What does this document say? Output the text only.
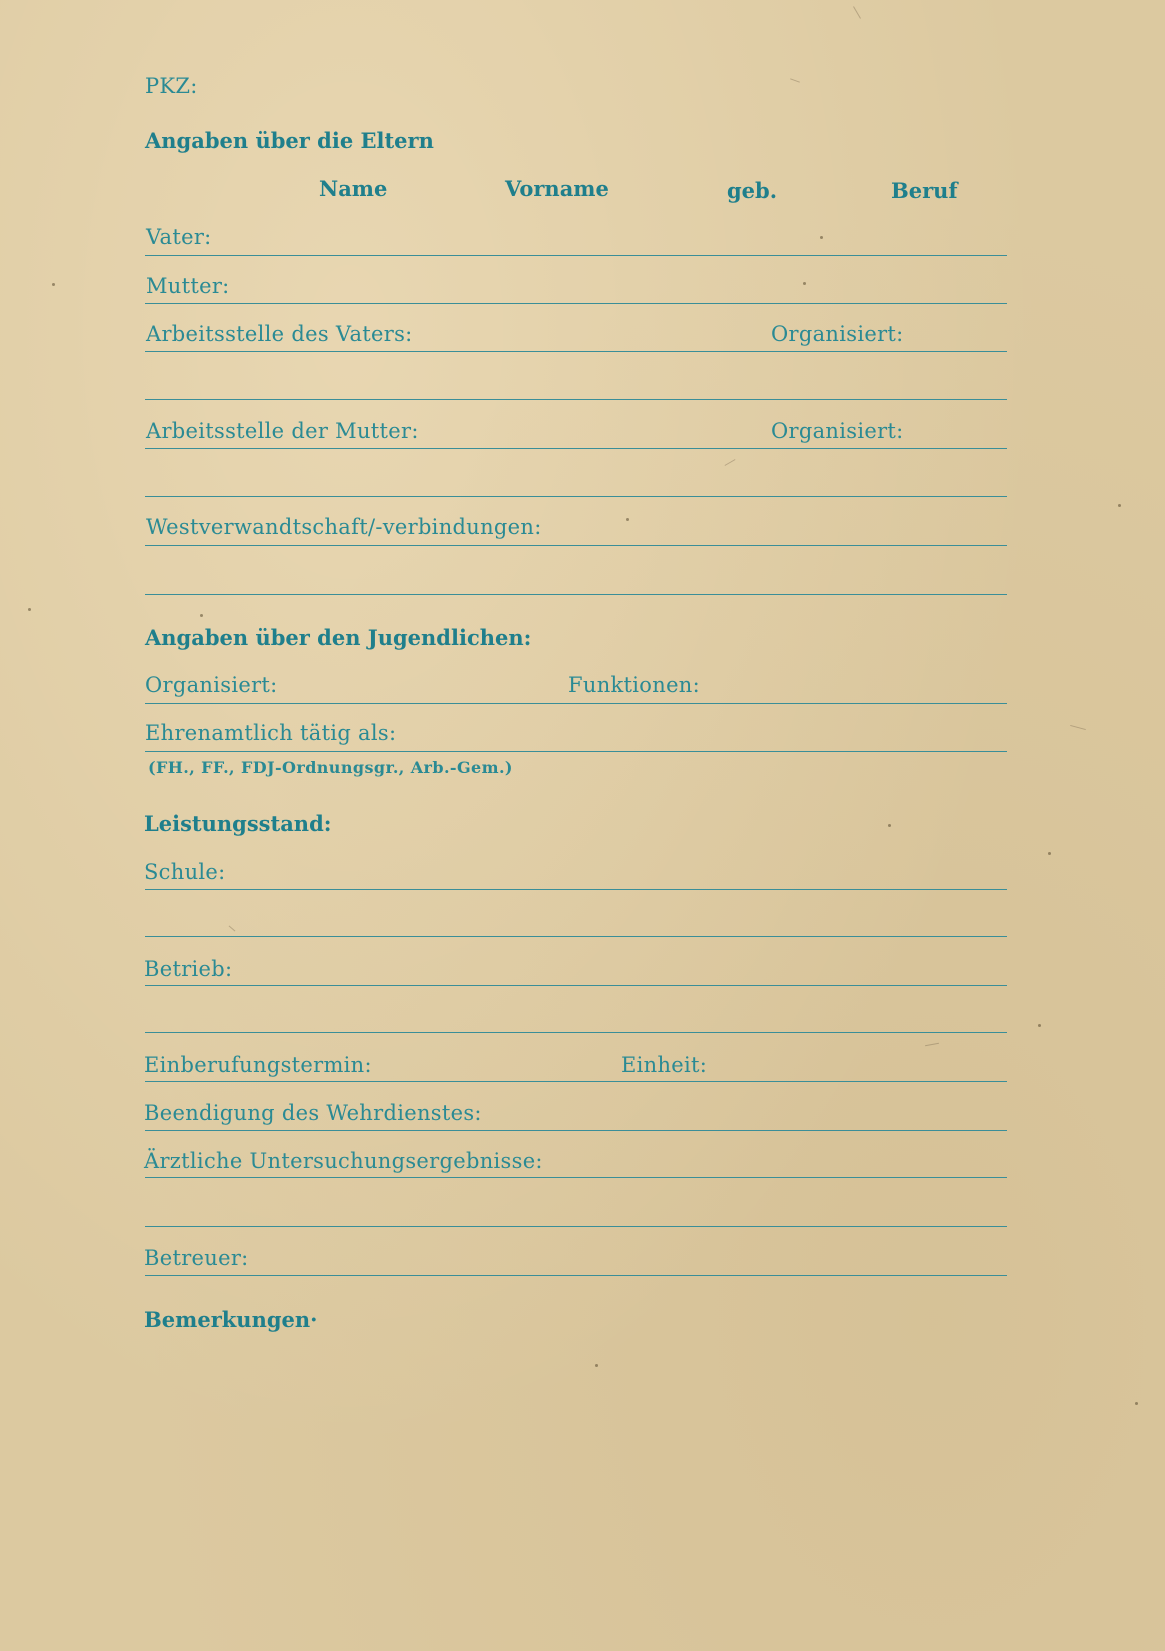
PKZ:
Angaben über die Eltern
Name	Vorname	geb.	Beruf
Vater:
Mutter:
Arbeitsstelle des Vaters:	Organisiert:
Arbeitsstelle der Mutter:	Organisiert:
Westverwandtschaft/-verbindungen:
Angaben über den Jugendlichen:
Organisiert:	Funktionen:
Ehrenamtlich tätig als:
(FH., FF., FDJ-Ordnungsgr., Arb.-Gem.)
Leistungsstand:
Schule:
Betrieb:
Einberufungstermin:	Einheit:
Beendigung des Wehrdienstes:
Ärztliche Untersuchungsergebnisse:
Betreuer:
Bemerkungen·
